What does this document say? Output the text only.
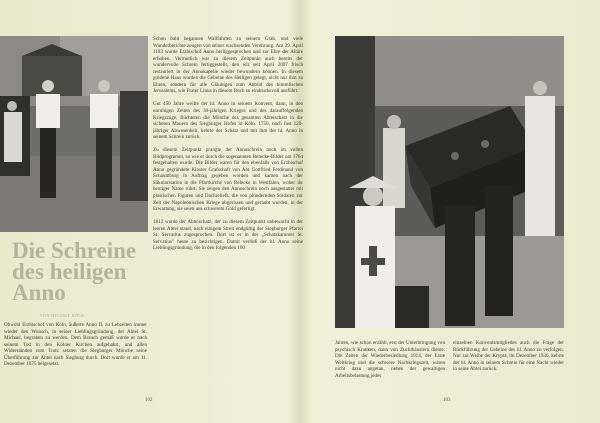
Die Schreine des heiligen Anno
VON HELMUT HÖCK

Obwohl Erzbischof von Köln, äußerte Anno II. zu Lebzeiten immer wieder den Wunsch, in seiner Lieblingsgründung, der Abtei St. Michael, begraben zu werden. Dem Brauch gemäß wurde er nach seinem Tod in den Kölner Kirchen aufgebahrt, und allen Widerständen zum Trotz setzten die Siegburger Mönche seine Überführung zur Abtei nach Siegburg durch. Dort wurde er am 11. Dezember 1075 beigesetzt.

Schon bald begannen Wallfahrten zu seinem Grab, und viele Wunderberichte zeugen von seiner wachsenden Verehrung. Am 29. April 1183 wurde Erzbischof Anno heiliggesprochen und zur Ehre der Altäre erhoben. Vermutlich war zu diesem Zeitpunkt auch bereits der wundervolle Schrein fertiggestellt, den wir seit April 2007 frisch restauriert in der Annokapelle wieder bewundern können. In diesem goldene Haus wurden die Gebeine des Heiligen gelegt, nicht nur ihm zu Ehren, sondern für alle Gläubigen zum Abbild des himmlischen Jerusalems, wie Frater Linus in diesem Buch so eindrucksvoll ausführt.

Gut 450 Jahre weilte der hl. Anno in seinem Konvent, dann, in den unruhigen Zeiten des 30-jährigen Krieges und des darauffolgenden Kriegszüge, flüchteten die Mönche des gesamten Abteischatz in die sicheren Mauern des Siegburger Hofes in Köln. 1750, nach fast 120-jähriger Abwesenheit, kehrte der Schatz und mit ihm der hl. Anno in seinem Schrein zurück.

Zu diesem Zeitpunkt prangte der Annoschrein noch im vollen Bildprogramm, so wie er durch die sogenannten Belecke-Bilder um 1764 festgehalten wurde. Die Bilder waren für den ebenfalls von Erzbischof Anno gegründete Kloster Grafschaft von Abt Gottfried Ferdinand von Schaumburg in Auftrag gegeben worden und kamen nach der Säkularisation in die Pfarrkirche von Belecke in Westfalen, woher ihr heutiger Name rührt. Sie zeigen den Annoschrein noch ausgestattet mit plastischen Figuren und Dachreliefs, die von plündernden Soldaten zur Zeit der Napoleonischen Kriege abgerissen und geraubt wurden, in der Erwartung, sie seien aus schwerem Gold gefertigt.

1812 wurde der Abteischatz, der zu diesem Zeitpunkt unbewacht in der leeren Abtei stand, nach einigem Streit endgültig der Siegburger Pfarrei St. Servatius zugesprochen. Dort ist er in der „Schatzkammer St. Servatius" heute zu besichtigen. Damit verließ der hl. Anno seine Lieblingsgründung, die in den folgenden 100

Jahren, wie schon erzählt, erst der Unterbringung von psychisch Kranken, dann von Zuchthäuslern diente. Die Zeiten der Wiederbesiedlung 1914, der Erste Weltkrieg und die schwere Nachkriegszeit, waren nicht dazu angetan, neben der gewaltigen Arbeitsbelastung jedes

einzelnen Konventsmitgliedes auch die Frage der Rückführung der Gebeine des hl. Anno zu verfolgen. Nur zur Weihe der Krypta, im Dezember 1936, kehrte der hl. Anno in seinem Schrein für eine Nacht wieder in seine Abtei zurück.

102	103
